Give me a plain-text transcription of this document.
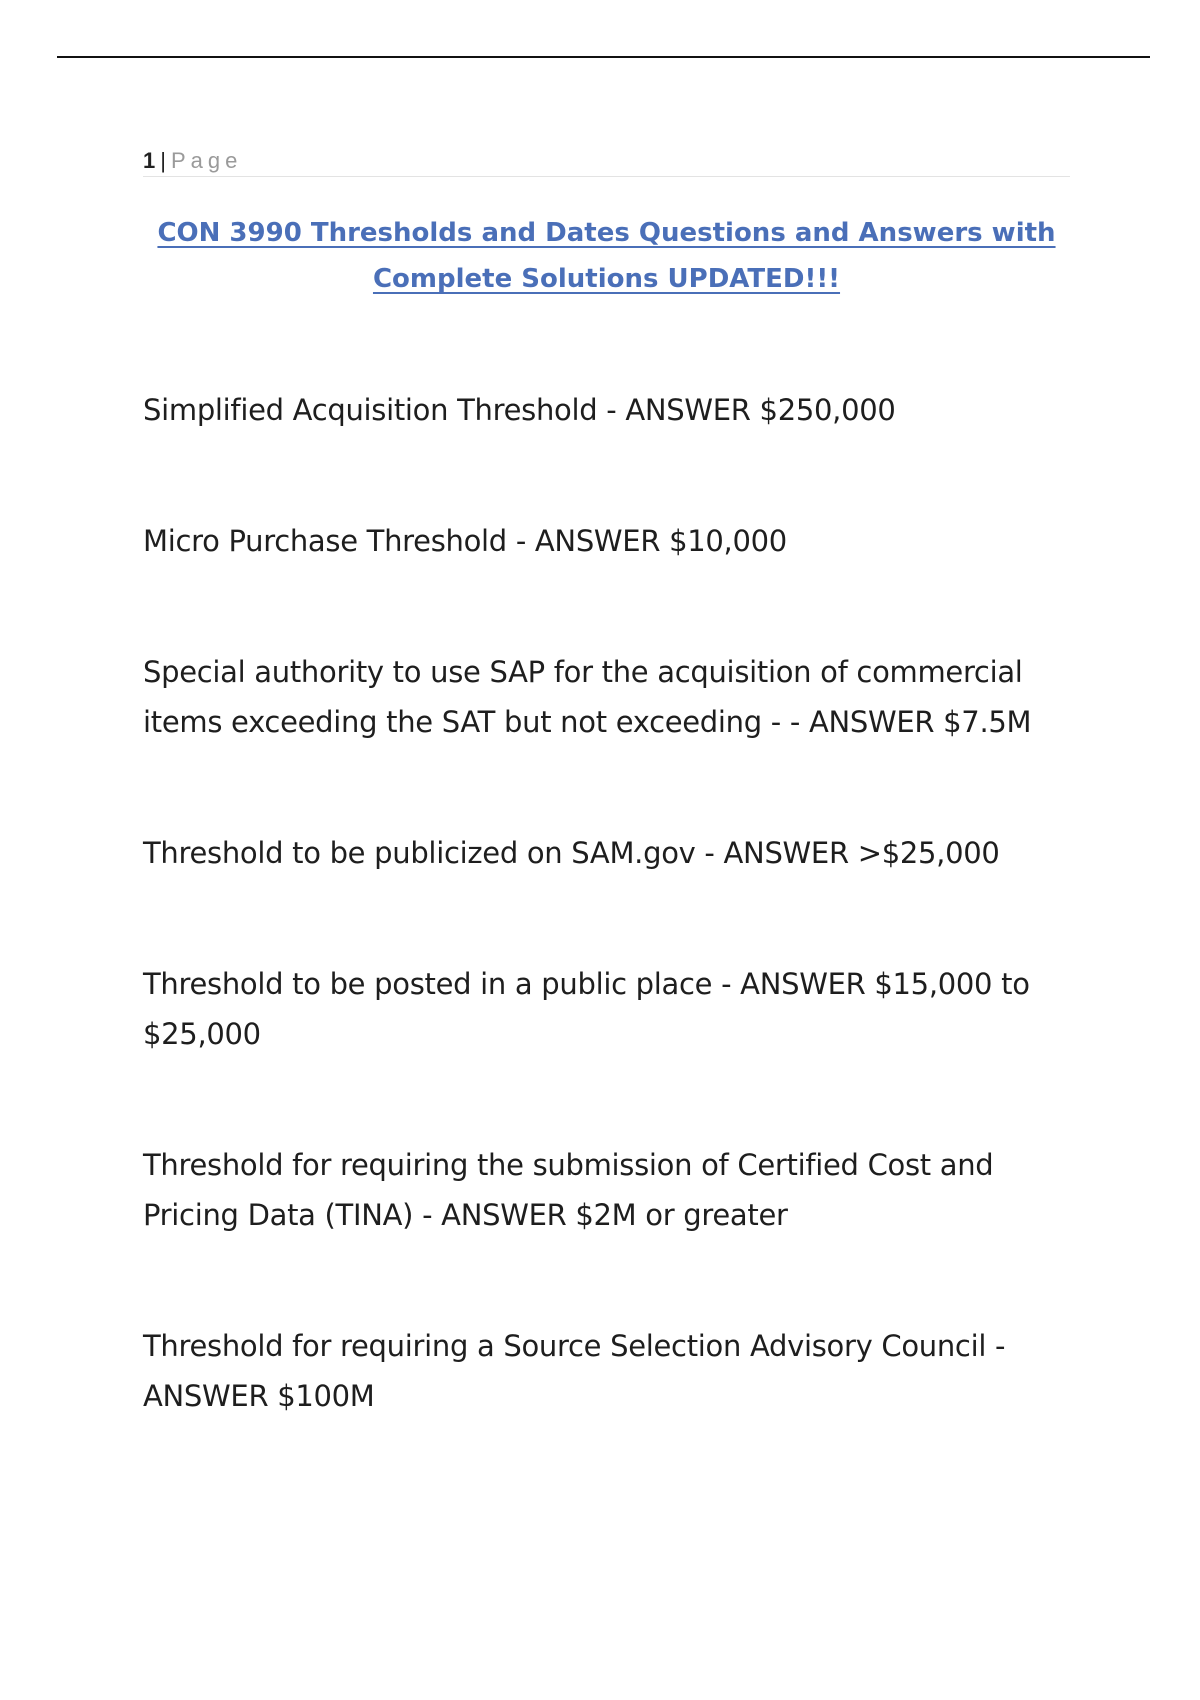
1 | Page
CON 3990 Thresholds and Dates Questions and Answers with Complete Solutions UPDATED!!!
Simplified Acquisition Threshold - ANSWER $250,000
Micro Purchase Threshold - ANSWER $10,000
Special authority to use SAP for the acquisition of commercial items exceeding the SAT but not exceeding - - ANSWER $7.5M
Threshold to be publicized on SAM.gov - ANSWER >$25,000
Threshold to be posted in a public place - ANSWER $15,000 to $25,000
Threshold for requiring the submission of Certified Cost and Pricing Data (TINA) - ANSWER $2M or greater
Threshold for requiring a Source Selection Advisory Council - ANSWER $100M
